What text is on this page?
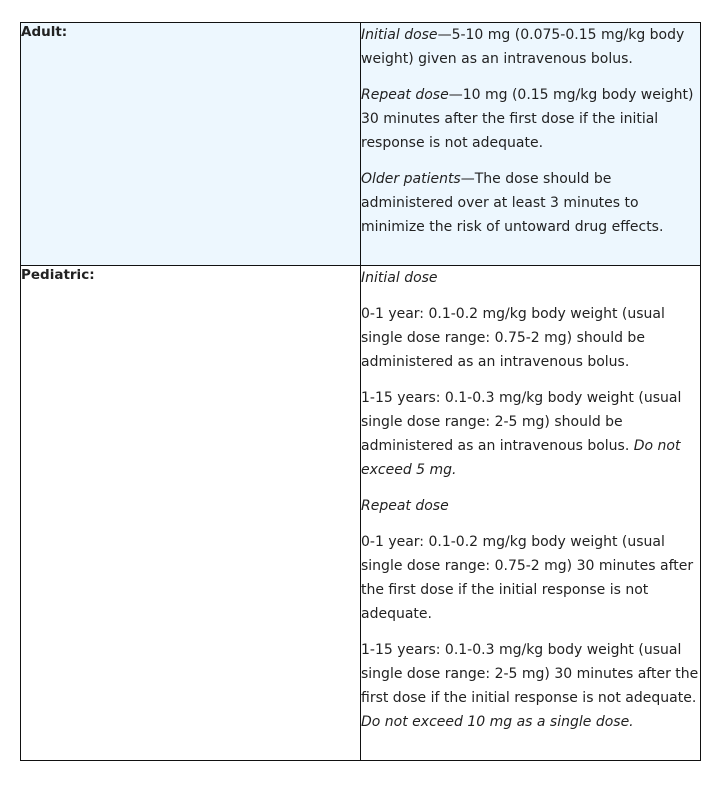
Adult:	Initial dose—5-10 mg (0.075-0.15 mg/kg body weight) given as an intravenous bolus.

Repeat dose—10 mg (0.15 mg/kg body weight) 30 minutes after the first dose if the initial response is not adequate.

Older patients—The dose should be administered over at least 3 minutes to minimize the risk of untoward drug effects.

Pediatric:	Initial dose

0-1 year: 0.1-0.2 mg/kg body weight (usual single dose range: 0.75-2 mg) should be administered as an intravenous bolus.

1-15 years: 0.1-0.3 mg/kg body weight (usual single dose range: 2-5 mg) should be administered as an intravenous bolus. Do not exceed 5 mg.

Repeat dose

0-1 year: 0.1-0.2 mg/kg body weight (usual single dose range: 0.75-2 mg) 30 minutes after the first dose if the initial response is not adequate.

1-15 years: 0.1-0.3 mg/kg body weight (usual single dose range: 2-5 mg) 30 minutes after the first dose if the initial response is not adequate. Do not exceed 10 mg as a single dose.
